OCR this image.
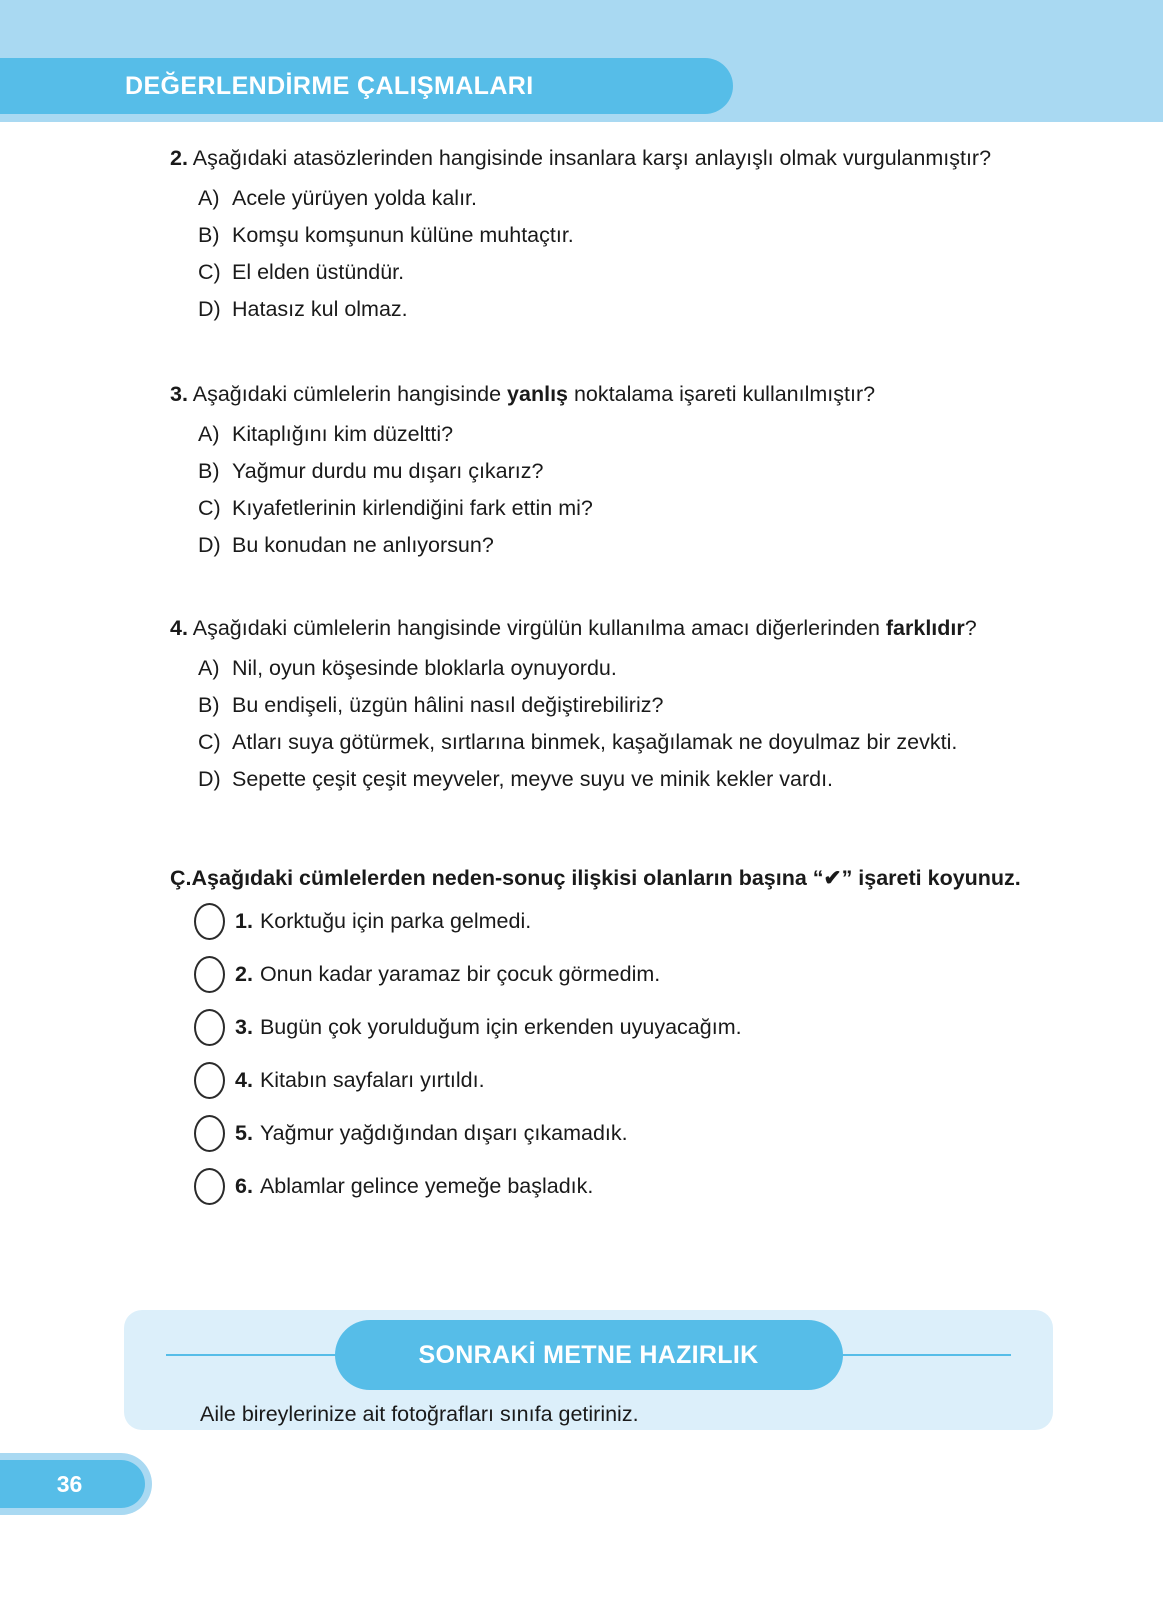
DEĞERLENDİRME ÇALIŞMALARI

2. Aşağıdaki atasözlerinden hangisinde insanlara karşı anlayışlı olmak vurgulanmıştır?

A) Acele yürüyen yolda kalır.
B) Komşu komşunun külüne muhtaçtır.
C) El elden üstündür.
D) Hatasız kul olmaz.

3. Aşağıdaki cümlelerin hangisinde yanlış noktalama işareti kullanılmıştır?

A) Kitaplığını kim düzeltti?
B) Yağmur durdu mu dışarı çıkarız?
C) Kıyafetlerinin kirlendiğini fark ettin mi?
D) Bu konudan ne anlıyorsun?

4. Aşağıdaki cümlelerin hangisinde virgülün kullanılma amacı diğerlerinden farklıdır?

A) Nil, oyun köşesinde bloklarla oynuyordu.
B) Bu endişeli, üzgün hâlini nasıl değiştirebiliriz?
C) Atları suya götürmek, sırtlarına binmek, kaşağılamak ne doyulmaz bir zevkti.
D) Sepette çeşit çeşit meyveler, meyve suyu ve minik kekler vardı.

Ç.Aşağıdaki cümlelerden neden-sonuç ilişkisi olanların başına “✔” işareti koyunuz.

1. Korktuğu için parka gelmedi.
2. Onun kadar yaramaz bir çocuk görmedim.
3. Bugün çok yorulduğum için erkenden uyuyacağım.
4. Kitabın sayfaları yırtıldı.
5. Yağmur yağdığından dışarı çıkamadık.
6. Ablamlar gelince yemeğe başladık.
SONRAKİ METNE HAZIRLIK
Aile bireylerinize ait fotoğrafları sınıfa getiriniz.
36
